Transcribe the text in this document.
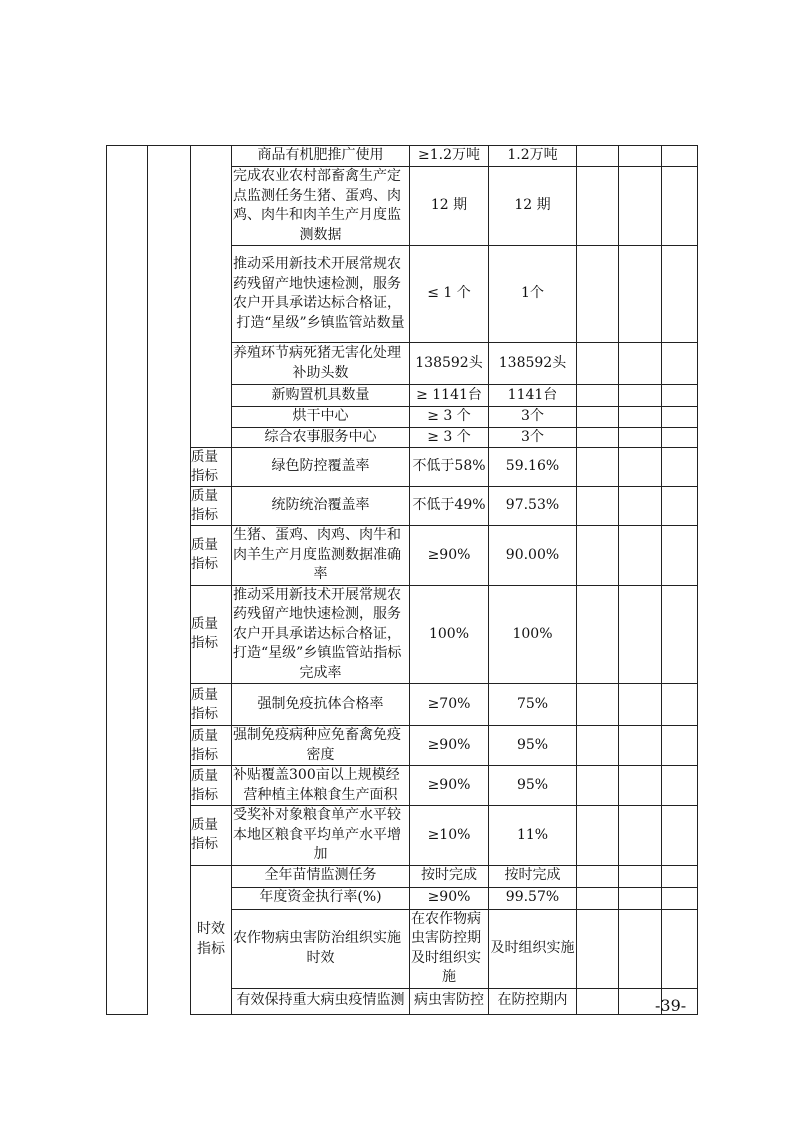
			商品有机肥推广使用	≥1.2万吨	1.2万吨			
			完成农业农村部畜禽生产定点监测任务生猪、蛋鸡、肉鸡、肉牛和肉羊生产月度监测数据	12 期	12 期			
			推动采用新技术开展常规农药残留产地快速检测，服务农户开具承诺达标合格证，打造“星级”乡镇监管站数量	≤ 1 个	1个			
			养殖环节病死猪无害化处理补助头数	138592头	138592头			
			新购置机具数量	≥ 1141台	1141台			
			烘干中心	≥ 3 个	3个			
			综合农事服务中心	≥ 3 个	3个			
		质量指标	绿色防控覆盖率	不低于58%	59.16%			
		质量指标	统防统治覆盖率	不低于49%	97.53%			
		质量指标	生猪、蛋鸡、肉鸡、肉牛和肉羊生产月度监测数据准确率	≥90%	90.00%			
		质量指标	推动采用新技术开展常规农药残留产地快速检测，服务农户开具承诺达标合格证，打造“星级”乡镇监管站指标完成率	100%	100%			
		质量指标	强制免疫抗体合格率	≥70%	75%			
		质量指标	强制免疫病种应免畜禽免疫密度	≥90%	95%			
		质量指标	补贴覆盖300亩以上规模经营种植主体粮食生产面积	≥90%	95%			
		质量指标	受奖补对象粮食单产水平较本地区粮食平均单产水平增加	≥10%	11%			
		时效指标	全年苗情监测任务	按时完成	按时完成			
			年度资金执行率(%)	≥90%	99.57%			
			农作物病虫害防治组织实施时效	在农作物病虫害防控期及时组织实施	及时组织实施			
			有效保持重大病虫疫情监测	病虫害防控	在防控期内				-39-
